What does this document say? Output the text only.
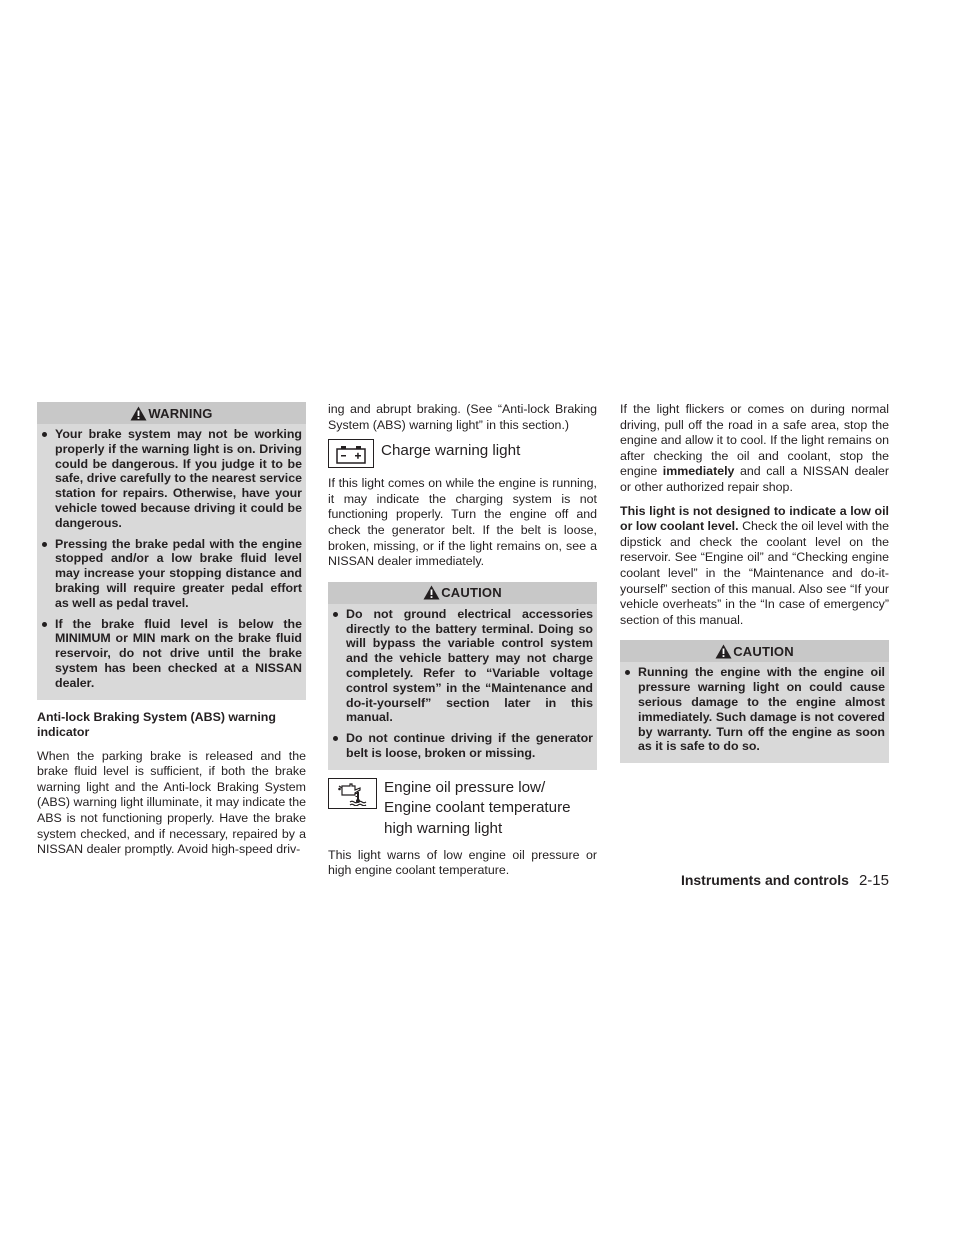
WARNING
Your brake system may not be working properly if the warning light is on. Driving could be dangerous. If you judge it to be safe, drive carefully to the nearest service station for repairs. Otherwise, have your vehicle towed because driving it could be dangerous.
Pressing the brake pedal with the engine stopped and/or a low brake fluid level may increase your stopping distance and braking will require greater pedal effort as well as pedal travel.
If the brake fluid level is below the MINIMUM or MIN mark on the brake fluid reservoir, do not drive until the brake system has been checked at a NISSAN dealer.
Anti-lock Braking System (ABS) warning indicator

When the parking brake is released and the brake fluid level is sufficient, if both the brake warning light and the Anti-lock Braking System (ABS) warning light illuminate, it may indicate the ABS is not functioning properly. Have the brake system checked, and if necessary, repaired by a NISSAN dealer promptly. Avoid high-speed driv-

ing and abrupt braking. (See “Anti-lock Braking System (ABS) warning light” in this section.)

Charge warning light

If this light comes on while the engine is running, it may indicate the charging system is not functioning properly. Turn the engine off and check the generator belt. If the belt is loose, broken, missing, or if the light remains on, see a NISSAN dealer immediately.

CAUTION
Do not ground electrical accessories directly to the battery terminal. Doing so will bypass the variable control system and the vehicle battery may not charge completely. Refer to “Variable voltage control system” in the “Maintenance and do-it-yourself” section later in this manual.
Do not continue driving if the generator belt is loose, broken or missing.
Engine oil pressure low/ Engine coolant temperature high warning light

This light warns of low engine oil pressure or high engine coolant temperature.

If the light flickers or comes on during normal driving, pull off the road in a safe area, stop the engine and allow it to cool. If the light remains on after checking the oil and coolant, stop the engine immediately and call a NISSAN dealer or other authorized repair shop.

This light is not designed to indicate a low oil or low coolant level. Check the oil level with the dipstick and check the coolant level on the reservoir. See “Engine oil” and “Checking engine coolant level” in the “Maintenance and do-it-yourself” section of this manual. Also see “If your vehicle overheats” in the “In case of emergency” section of this manual.

CAUTION
Running the engine with the engine oil pressure warning light on could cause serious damage to the engine almost immediately. Such damage is not covered by warranty. Turn off the engine as soon as it is safe to do so.
Instruments and controls 2-15
